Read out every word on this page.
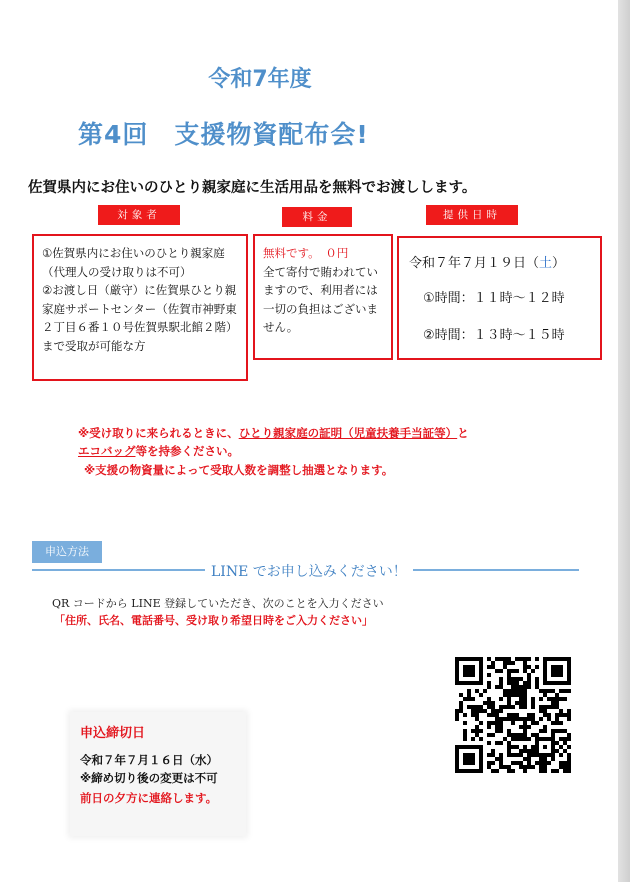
令和7年度
第4回　支援物資配布会!
佐賀県内にお住いのひとり親家庭に生活用品を無料でお渡しします。
対象者	料金	提供日時
①佐賀県内にお住いのひとり親家庭（代理人の受け取りは不可）
②お渡し日（厳守）に佐賀県ひとり親家庭サポートセンター（佐賀市神野東２丁目６番１０号佐賀県駅北館２階）まで受取が可能な方
無料です。　０円
全て寄付で賄われていますので、利用者には一切の負担はございません。
令和７年７月１９日（土）
①時間：１１時～１２時
②時間：１３時～１５時
※受け取りに来られるときに、ひとり親家庭の証明（児童扶養手当証等）と
エコバッグ等を持参ください。
※支援の物資量によって受取人数を調整し抽選となります。
申込方法
LINE でお申し込みください！
QR コードから LINE 登録していただき、次のことを入力ください
「住所、氏名、電話番号、受け取り希望日時をご入力ください」
申込締切日
令和７年７月１６日（水）
※締め切り後の変更は不可
前日の夕方に連絡します。
